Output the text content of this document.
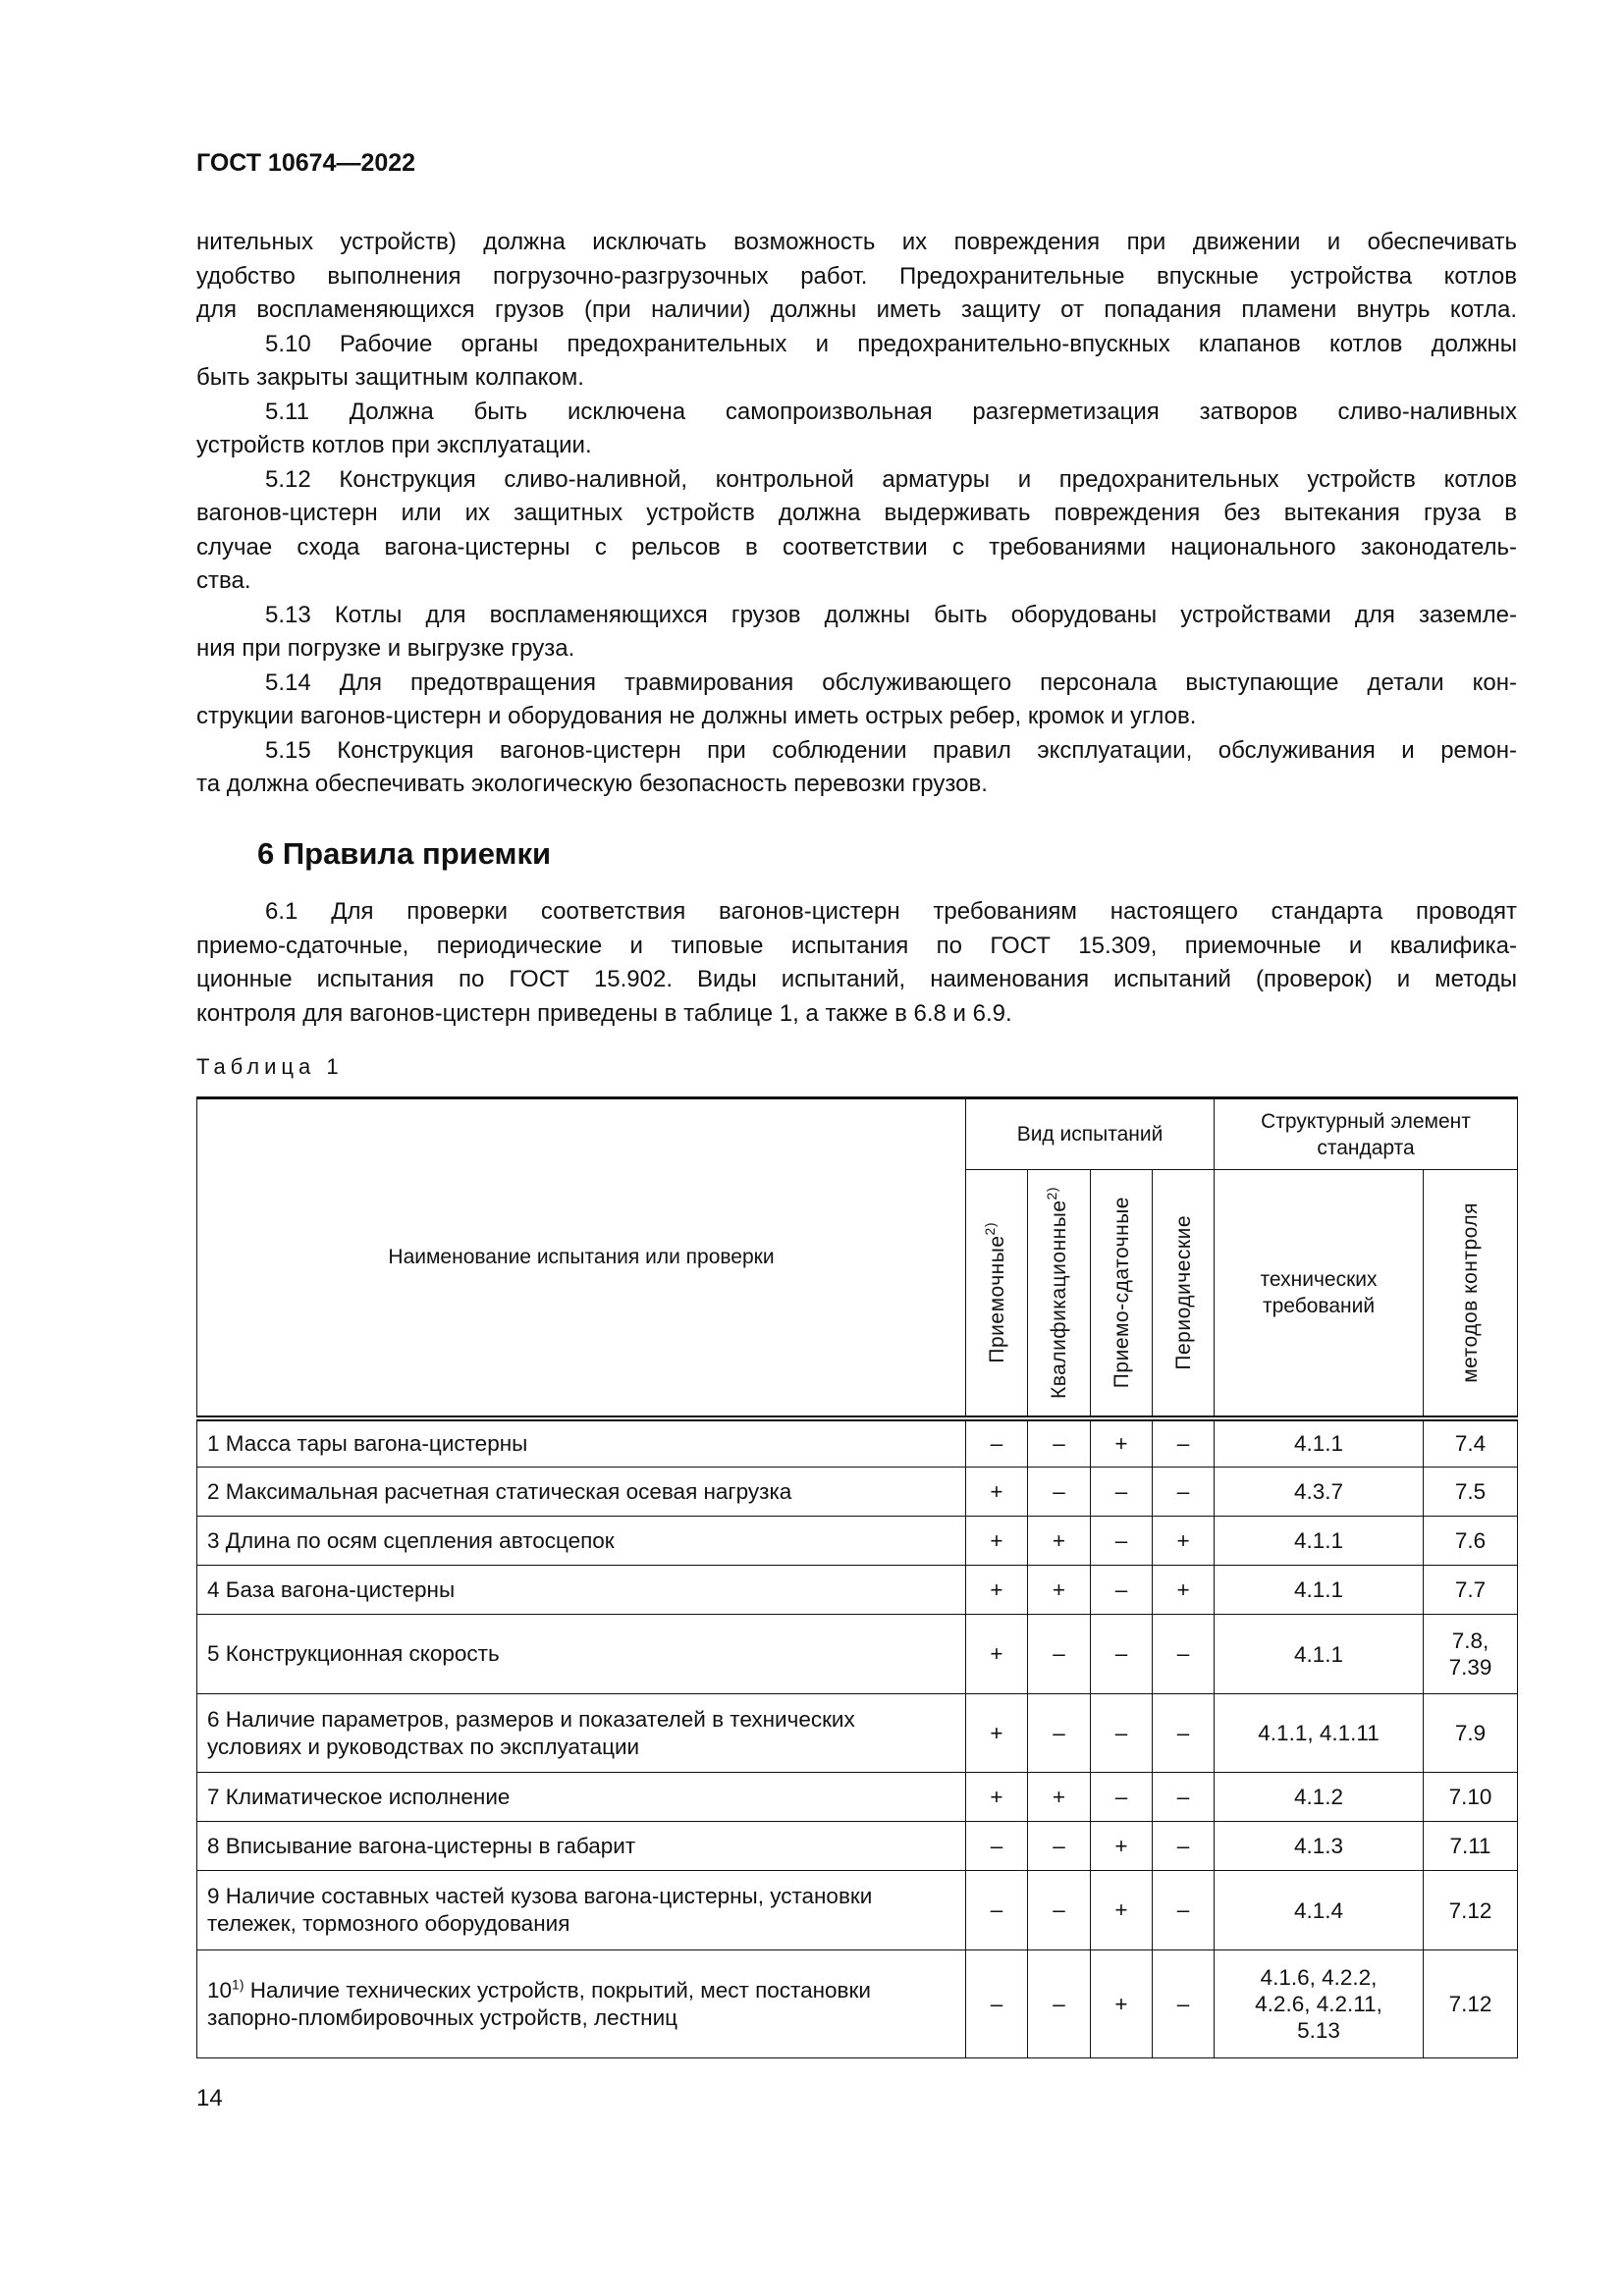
ГОСТ 10674—2022
нительных устройств) должна исключать возможность их повреждения при движении и обеспечивать
удобство выполнения погрузочно-разгрузочных работ. Предохранительные впускные устройства котлов
для воспламеняющихся грузов (при наличии) должны иметь защиту от попадания пламени внутрь котла.
5.10 Рабочие органы предохранительных и предохранительно-впускных клапанов котлов должны
быть закрыты защитным колпаком.
5.11 Должна быть исключена самопроизвольная разгерметизация затворов сливо-наливных
устройств котлов при эксплуатации.
5.12 Конструкция сливо-наливной, контрольной арматуры и предохранительных устройств котлов
вагонов-цистерн или их защитных устройств должна выдерживать повреждения без вытекания груза в
случае схода вагона-цистерны с рельсов в соответствии с требованиями национального законодатель-
ства.
5.13 Котлы для воспламеняющихся грузов должны быть оборудованы устройствами для заземле-
ния при погрузке и выгрузке груза.
5.14 Для предотвращения травмирования обслуживающего персонала выступающие детали кон-
струкции вагонов-цистерн и оборудования не должны иметь острых ребер, кромок и углов.
5.15 Конструкция вагонов-цистерн при соблюдении правил эксплуатации, обслуживания и ремон-
та должна обеспечивать экологическую безопасность перевозки грузов.
6 Правила приемки
6.1 Для проверки соответствия вагонов-цистерн требованиям настоящего стандарта проводят
приемо-сдаточные, периодические и типовые испытания по ГОСТ 15.309, приемочные и квалифика-
ционные испытания по ГОСТ 15.902. Виды испытаний, наименования испытаний (проверок) и методы
контроля для вагонов-цистерн приведены в таблице 1, а также в 6.8 и 6.9.
Таблица 1
Наименование испытания или проверки	Вид испытаний				Структурный элемент стандарта	

	Приемочные$^{2)}$	Квалификационные$^{2)}$	Приемо-сдаточные	Периодические	технических требований	методов контроля

1 Масса тары вагона-цистерны	–	–	+	–	4.1.1	7.4
2 Максимальная расчетная статическая осевая нагрузка	+	–	–	–	4.3.7	7.5
3 Длина по осям сцепления автосцепок	+	+	–	+	4.1.1	7.6
4 База вагона-цистерны	+	+	–	+	4.1.1	7.7
5 Конструкционная скорость	+	–	–	–	4.1.1	7.8,
7.39
6 Наличие параметров, размеров и показателей в технических условиях и руководствах по эксплуатации	+	–	–	–	4.1.1, 4.1.11	7.9
7 Климатическое исполнение	+	+	–	–	4.1.2	7.10
8 Вписывание вагона-цистерны в габарит	–	–	+	–	4.1.3	7.11
9 Наличие составных частей кузова вагона-цистерны, установки тележек, тормозного оборудования	–	–	+	–	4.1.4	7.12
10$^{1)}$ Наличие технических устройств, покрытий, мест постановки запорно-пломбировочных устройств, лестниц	–	–	+	–	4.1.6, 4.2.2,
4.2.6, 4.2.11,
5.13	7.12
14
